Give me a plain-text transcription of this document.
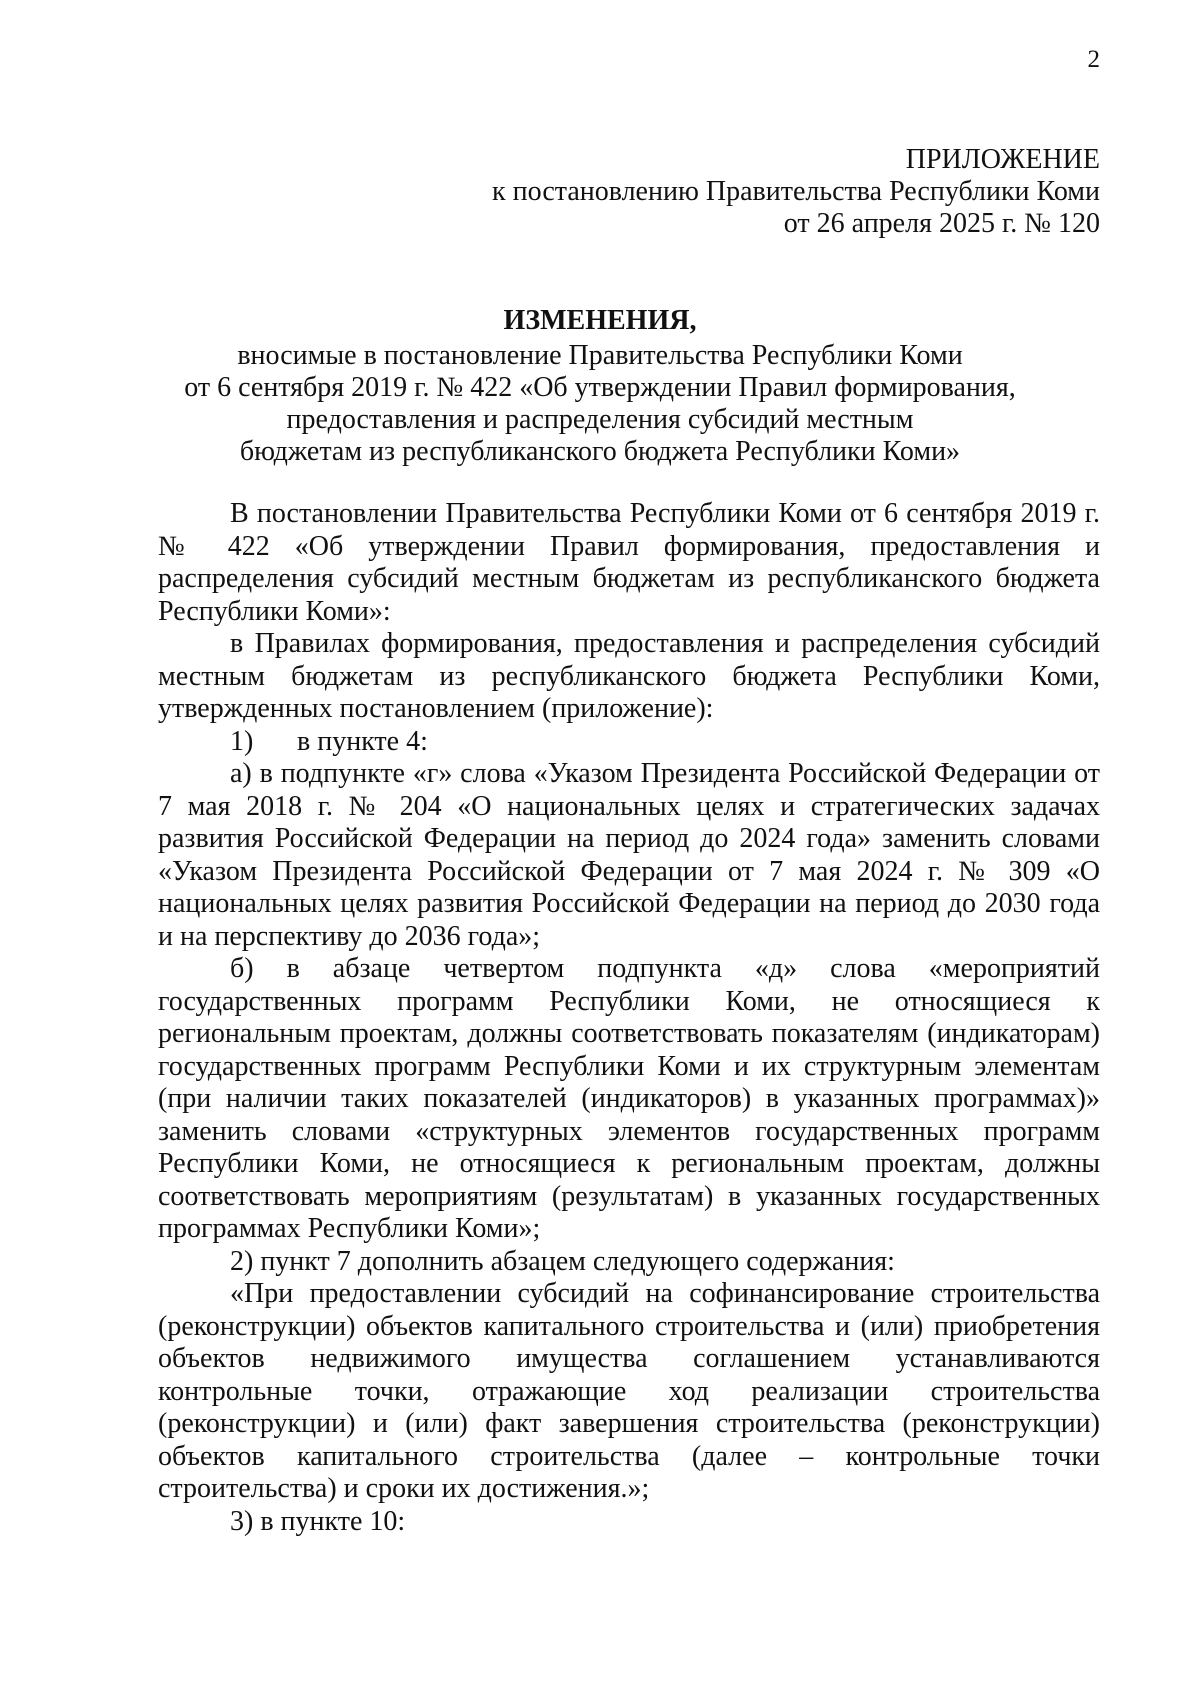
2
ПРИЛОЖЕНИЕ
к постановлению Правительства Республики Коми
от 26 апреля 2025 г. № 120
ИЗМЕНЕНИЯ,
вносимые в постановление Правительства Республики Коми
от 6 сентября 2019 г. № 422 «Об утверждении Правил формирования,
предоставления и распределения субсидий местным
бюджетам из республиканского бюджета Республики Коми»

В постановлении Правительства Республики Коми от 6 сентября 2019 г. № 422 «Об утверждении Правил формирования, предоставления и распределения субсидий местным бюджетам из республиканского бюджета Республики Коми»:

в Правилах формирования, предоставления и распределения субсидий местным бюджетам из республиканского бюджета Республики Коми, утвержденных постановлением (приложение):

1) в пункте 4:

а) в подпункте «г» слова «Указом Президента Российской Федерации от 7 мая 2018 г. № 204 «О национальных целях и стратегических задачах развития Российской Федерации на период до 2024 года» заменить словами «Указом Президента Российской Федерации от 7 мая 2024 г. № 309 «О национальных целях развития Российской Федерации на период до 2030 года и на перспективу до 2036 года»;

б) в абзаце четвертом подпункта «д» слова «мероприятий государственных программ Республики Коми, не относящиеся к региональным проектам, должны соответствовать показателям (индикаторам) государственных программ Республики Коми и их структурным элементам (при наличии таких показателей (индикаторов) в указанных программах)» заменить словами «структурных элементов государственных программ Республики Коми, не относящиеся к региональным проектам, должны соответствовать мероприятиям (результатам) в указанных государственных программах Республики Коми»;

2) пункт 7 дополнить абзацем следующего содержания:

«При предоставлении субсидий на софинансирование строительства (реконструкции) объектов капитального строительства и (или) приобретения объектов недвижимого имущества соглашением устанавливаются контрольные точки, отражающие ход реализации строительства (реконструкции) и (или) факт завершения строительства (реконструкции) объектов капитального строительства (далее – контрольные точки строительства) и сроки их достижения.»;

3) в пункте 10:
